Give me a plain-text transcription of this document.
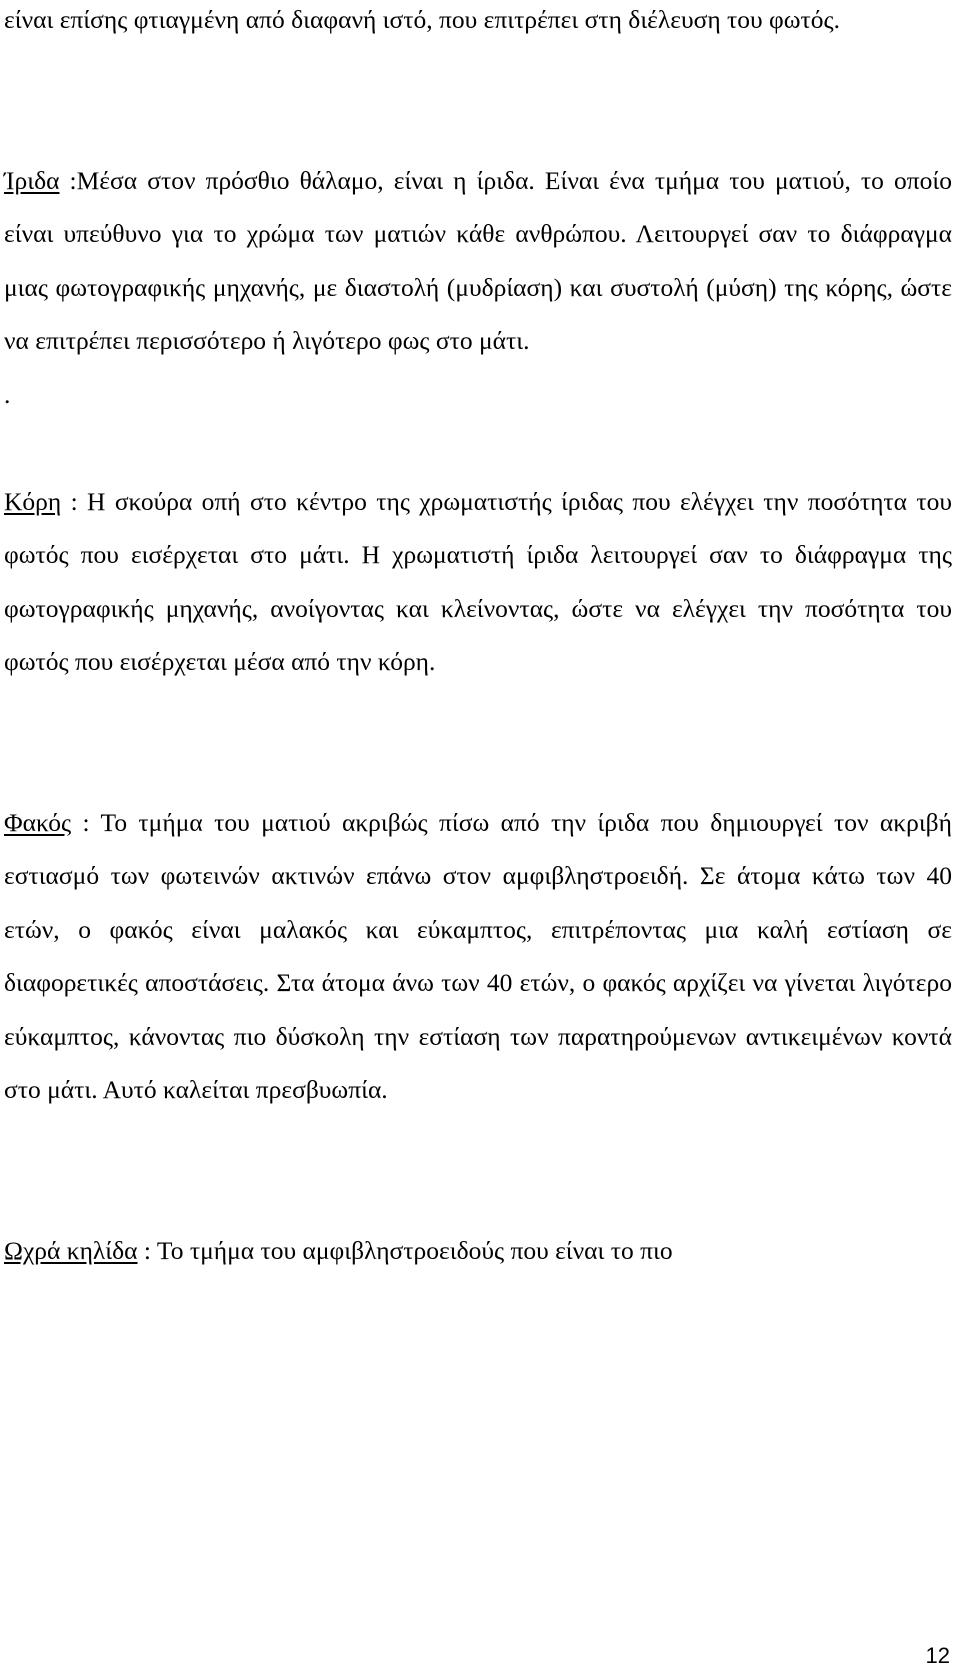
είναι επίσης φτιαγμένη από διαφανή ιστό, που επιτρέπει στη διέλευση του φωτός.

Ίριδα :Μέσα στον πρόσθιο θάλαμο, είναι η ίριδα. Είναι ένα τμήμα του ματιού, το οποίο είναι υπεύθυνο για το χρώμα των ματιών κάθε ανθρώπου. Λειτουργεί σαν το διάφραγμα μιας φωτογραφικής μηχανής, με διαστολή (μυδρίαση) και συστολή (μύση) της κόρης, ώστε να επιτρέπει περισσότερο ή λιγότερο φως στο μάτι.

.

Κόρη : Η σκούρα οπή στο κέντρο της χρωματιστής ίριδας που ελέγχει την ποσότητα του φωτός που εισέρχεται στο μάτι. Η χρωματιστή ίριδα λειτουργεί σαν το διάφραγμα της φωτογραφικής μηχανής, ανοίγοντας και κλείνοντας, ώστε να ελέγχει την ποσότητα του φωτός που εισέρχεται μέσα από την κόρη.

Φακός : Το τμήμα του ματιού ακριβώς πίσω από την ίριδα που δημιουργεί τον ακριβή εστιασμό των φωτεινών ακτινών επάνω στον αμφιβληστροειδή. Σε άτομα κάτω των 40 ετών, ο φακός είναι μαλακός και εύκαμπτος, επιτρέποντας μια καλή εστίαση σε διαφορετικές αποστάσεις. Στα άτομα άνω των 40 ετών, ο φακός αρχίζει να γίνεται λιγότερο εύκαμπτος, κάνοντας πιο δύσκολη την εστίαση των παρατηρούμενων αντικειμένων κοντά στο μάτι. Αυτό καλείται πρεσβυωπία.

Ωχρά κηλίδα : Το τμήμα του αμφιβληστροειδούς που είναι το πιο

12
